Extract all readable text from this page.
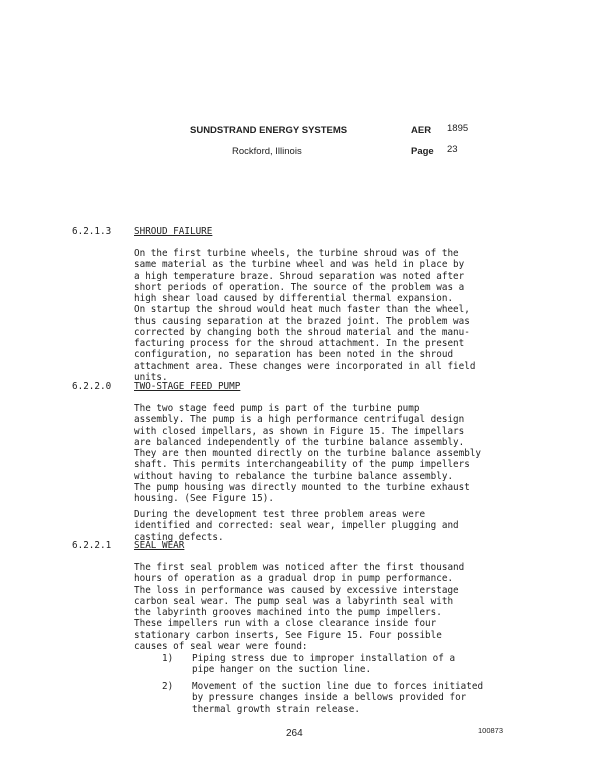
SUNDSTRAND ENERGY SYSTEMS
Rockford, Illinois
AER 1895
Page 23
6.2.1.3 SHROUD FAILURE
On the first turbine wheels, the turbine shroud was of the
same material as the turbine wheel and was held in place by
a high temperature braze. Shroud separation was noted after
short periods of operation. The source of the problem was a
high shear load caused by differential thermal expansion.
On startup the shroud would heat much faster than the wheel,
thus causing separation at the brazed joint. The problem was
corrected by changing both the shroud material and the manu-
facturing process for the shroud attachment. In the present
configuration, no separation has been noted in the shroud
attachment area. These changes were incorporated in all field
units.
6.2.2.0 TWO-STAGE FEED PUMP
The two stage feed pump is part of the turbine pump
assembly. The pump is a high performance centrifugal design
with closed impellars, as shown in Figure 15. The impellars
are balanced independently of the turbine balance assembly.
They are then mounted directly on the turbine balance assembly
shaft. This permits interchangeability of the pump impellers
without having to rebalance the turbine balance assembly.
The pump housing was directly mounted to the turbine exhaust
housing. (See Figure 15).
During the development test three problem areas were
identified and corrected: seal wear, impeller plugging and
casting defects.
6.2.2.1 SEAL WEAR
The first seal problem was noticed after the first thousand
hours of operation as a gradual drop in pump performance.
The loss in performance was caused by excessive interstage
carbon seal wear. The pump seal was a labyrinth seal with
the labyrinth grooves machined into the pump impellers.
These impellers run with a close clearance inside four
stationary carbon inserts, See Figure 15. Four possible
causes of seal wear were found:
1) Piping stress due to improper installation of a
pipe hanger on the suction line.
2) Movement of the suction line due to forces initiated
by pressure changes inside a bellows provided for
thermal growth strain release.
264	100873
